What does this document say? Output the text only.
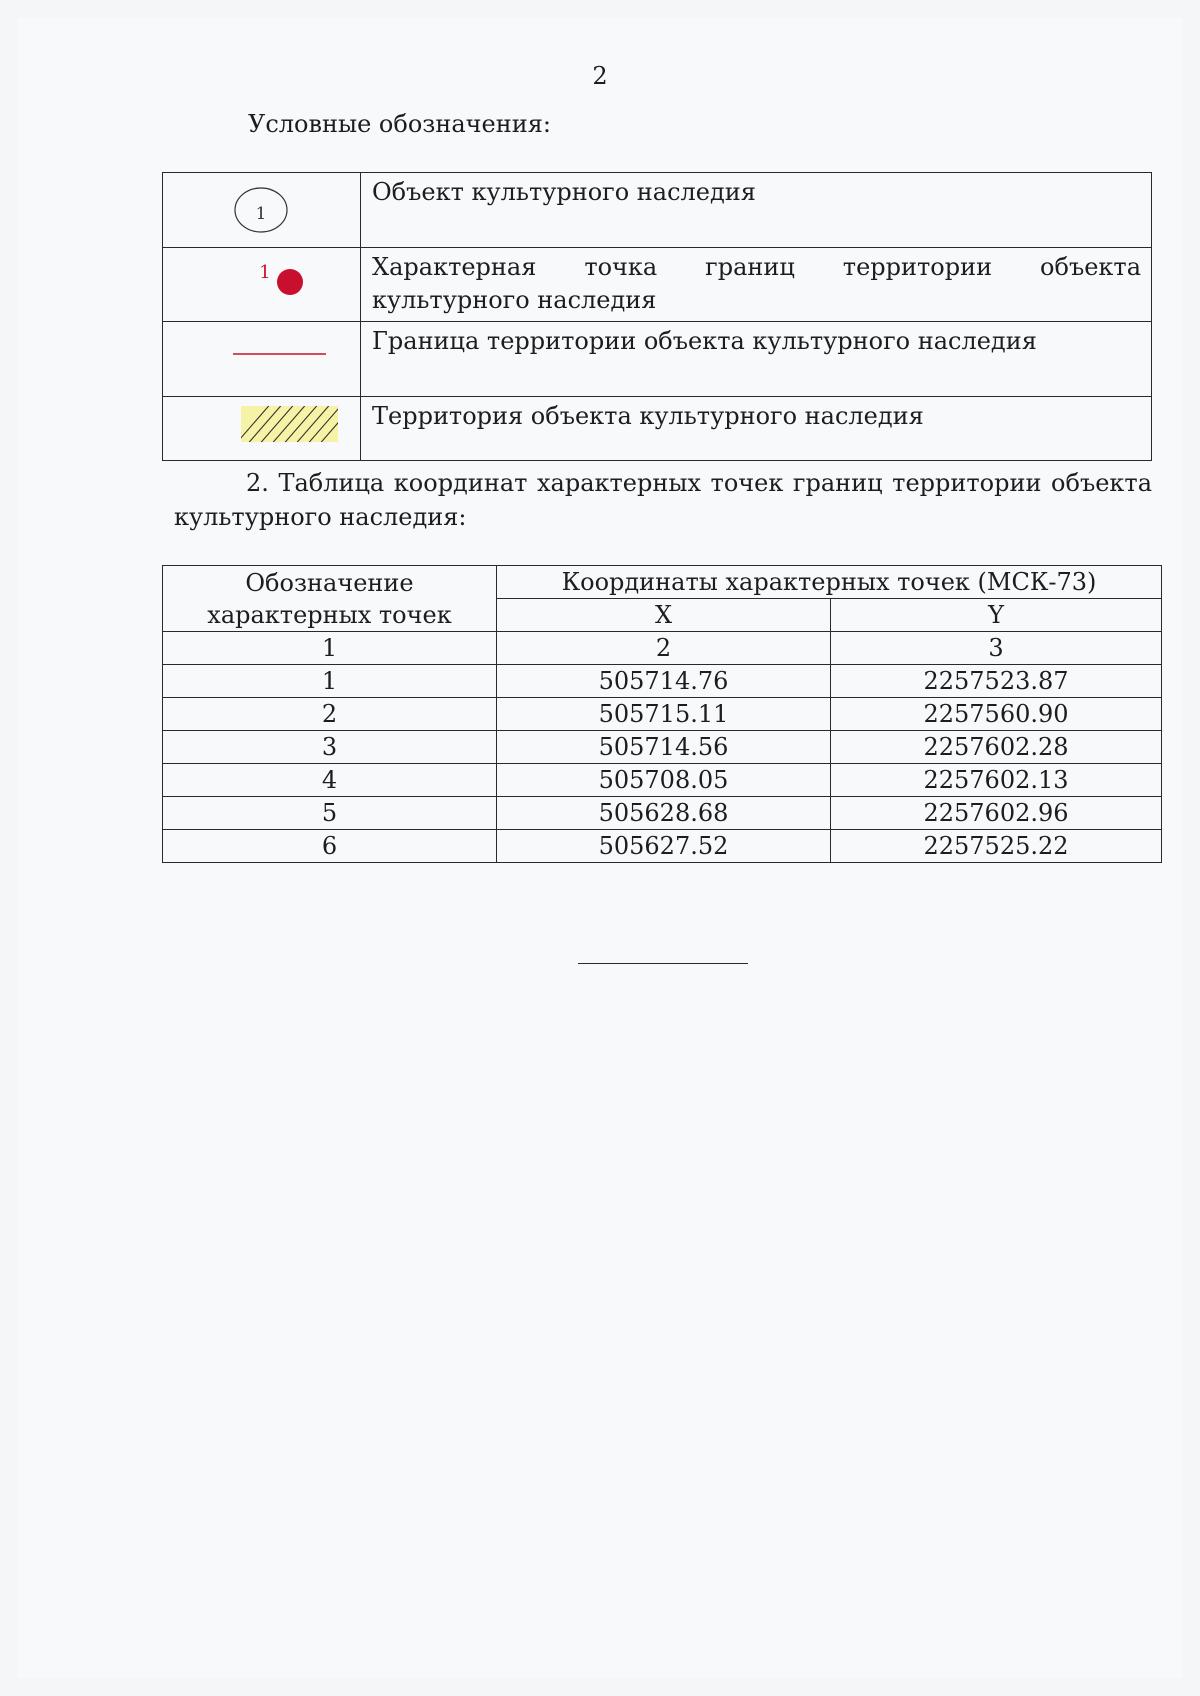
2
Условные обозначения:
1	Объект культурного наследия

1	Характерная точка границ территории объекта культурного наследия

	Граница территории объекта культурного наследия

	Территория объекта культурного наследия
2. Таблица координат характерных точек границ территории объекта культурного наследия:
Обозначение характерных точек	Координаты характерных точек (МСК-73)	
	X	Y
1	2	3
1	505714.76	2257523.87
2	505715.11	2257560.90
3	505714.56	2257602.28
4	505708.05	2257602.13
5	505628.68	2257602.96
6	505627.52	2257525.22
